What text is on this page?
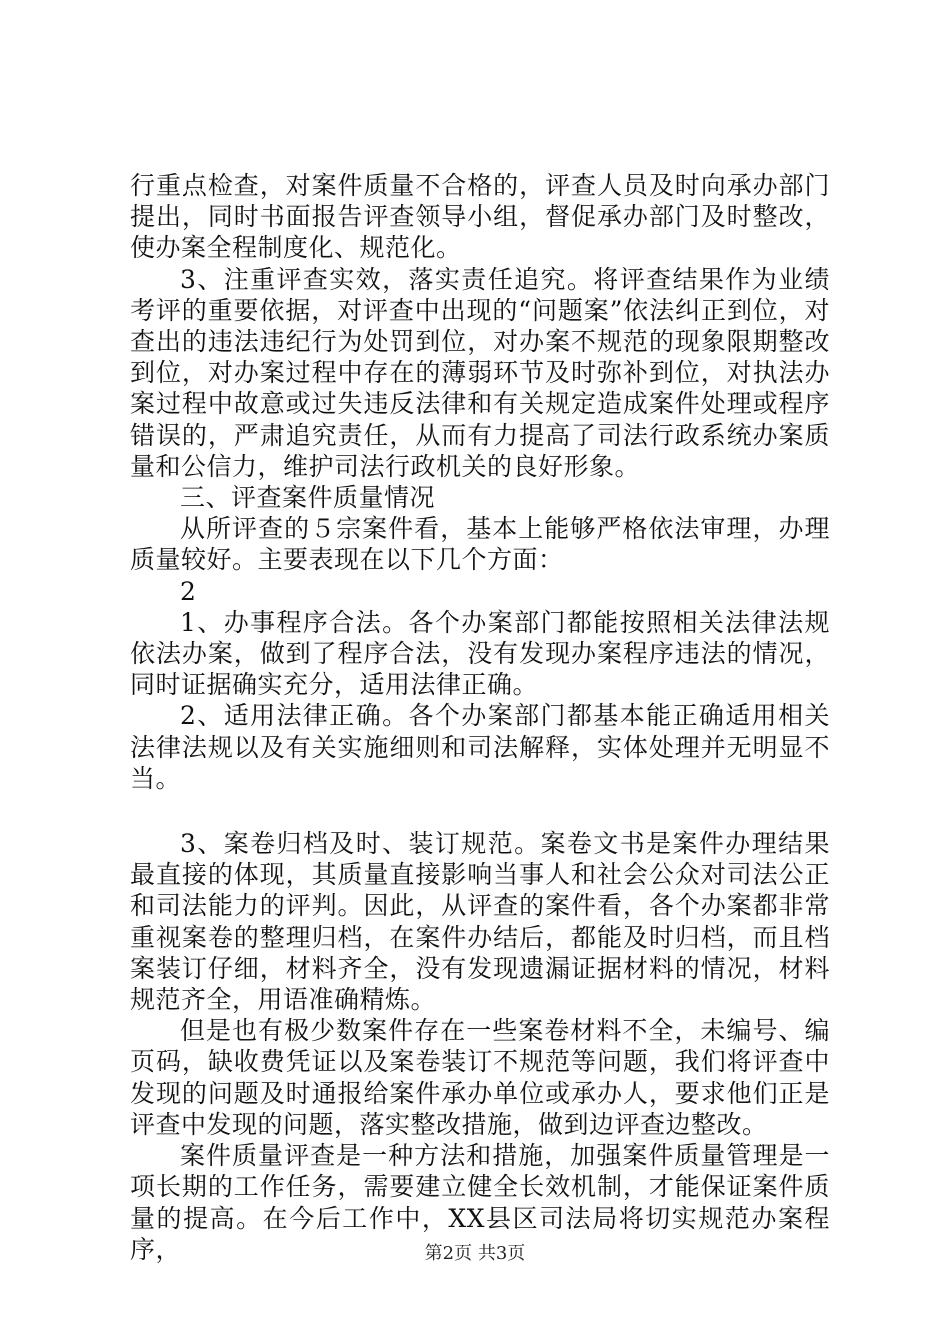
行重点检查，对案件质量不合格的，评查人员及时向承办部门提出，同时书面报告评查领导小组，督促承办部门及时整改，使办案全程制度化、规范化。

3、注重评查实效，落实责任追究。将评查结果作为业绩考评的重要依据，对评查中出现的“问题案”依法纠正到位，对查出的违法违纪行为处罚到位，对办案不规范的现象限期整改到位，对办案过程中存在的薄弱环节及时弥补到位，对执法办案过程中故意或过失违反法律和有关规定造成案件处理或程序错误的，严肃追究责任，从而有力提高了司法行政系统办案质量和公信力，维护司法行政机关的良好形象。

三、评查案件质量情况

从所评查的５宗案件看，基本上能够严格依法审理，办理质量较好。主要表现在以下几个方面：

2

1、办事程序合法。各个办案部门都能按照相关法律法规依法办案，做到了程序合法，没有发现办案程序违法的情况，同时证据确实充分，适用法律正确。

2、适用法律正确。各个办案部门都基本能正确适用相关法律法规以及有关实施细则和司法解释，实体处理并无明显不当。

3、案卷归档及时、装订规范。案卷文书是案件办理结果最直接的体现，其质量直接影响当事人和社会公众对司法公正和司法能力的评判。因此，从评查的案件看，各个办案都非常重视案卷的整理归档，在案件办结后，都能及时归档，而且档案装订仔细，材料齐全，没有发现遗漏证据材料的情况，材料规范齐全，用语准确精炼。

但是也有极少数案件存在一些案卷材料不全，未编号、编页码，缺收费凭证以及案卷装订不规范等问题，我们将评查中发现的问题及时通报给案件承办单位或承办人，要求他们正是评查中发现的问题，落实整改措施，做到边评查边整改。

案件质量评查是一种方法和措施，加强案件质量管理是一项长期的工作任务，需要建立健全长效机制，才能保证案件质量的提高。在今后工作中，XX县区司法局将切实规范办案程序，	第2页 共3页
